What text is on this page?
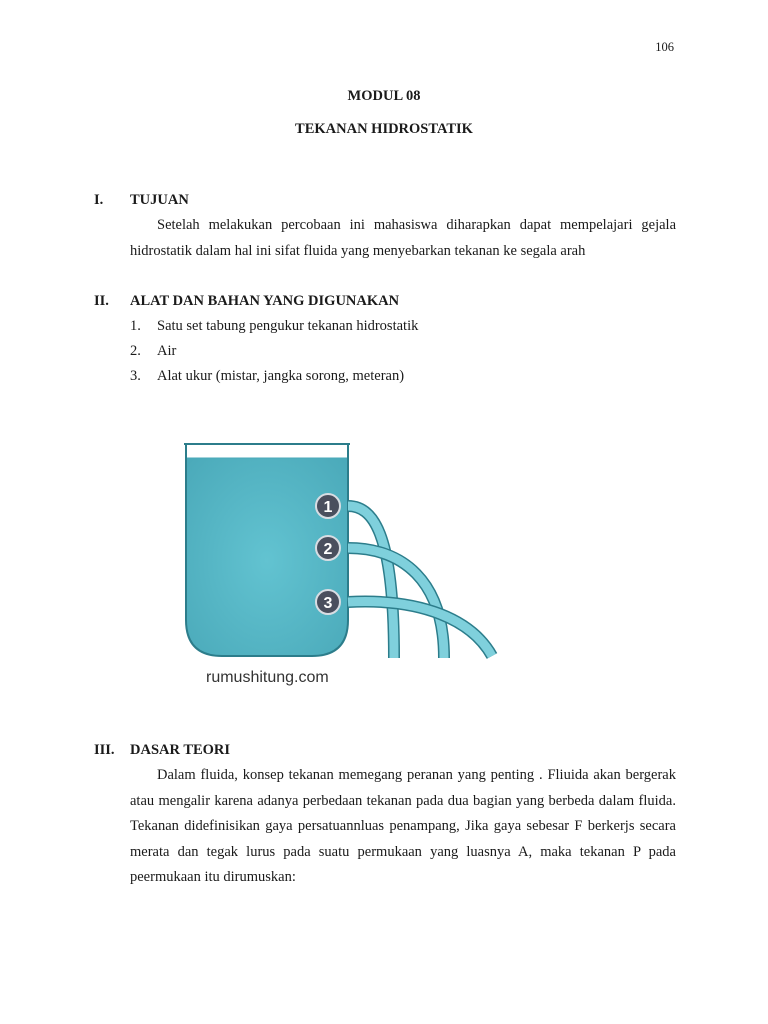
106
MODUL 08
TEKANAN HIDROSTATIK
I. TUJUAN
Setelah melakukan percobaan ini mahasiswa diharapkan dapat mempelajari gejala hidrostatik dalam hal ini sifat fluida yang menyebarkan tekanan ke segala arah
II. ALAT DAN BAHAN YANG DIGUNAKAN
1. Satu set tabung pengukur tekanan hidrostatik
2. Air
3. Alat ukur (mistar, jangka sorong, meteran)
1
2
3
rumushitung.com
III. DASAR TEORI
Dalam fluida, konsep tekanan memegang peranan yang penting . Fliuida akan bergerak atau mengalir karena adanya perbedaan tekanan pada dua bagian yang berbeda dalam fluida. Tekanan didefinisikan gaya persatuannluas penampang, Jika gaya sebesar F berkerjs secara merata dan tegak lurus pada suatu permukaan yang luasnya A, maka tekanan P pada peermukaan itu dirumuskan:
